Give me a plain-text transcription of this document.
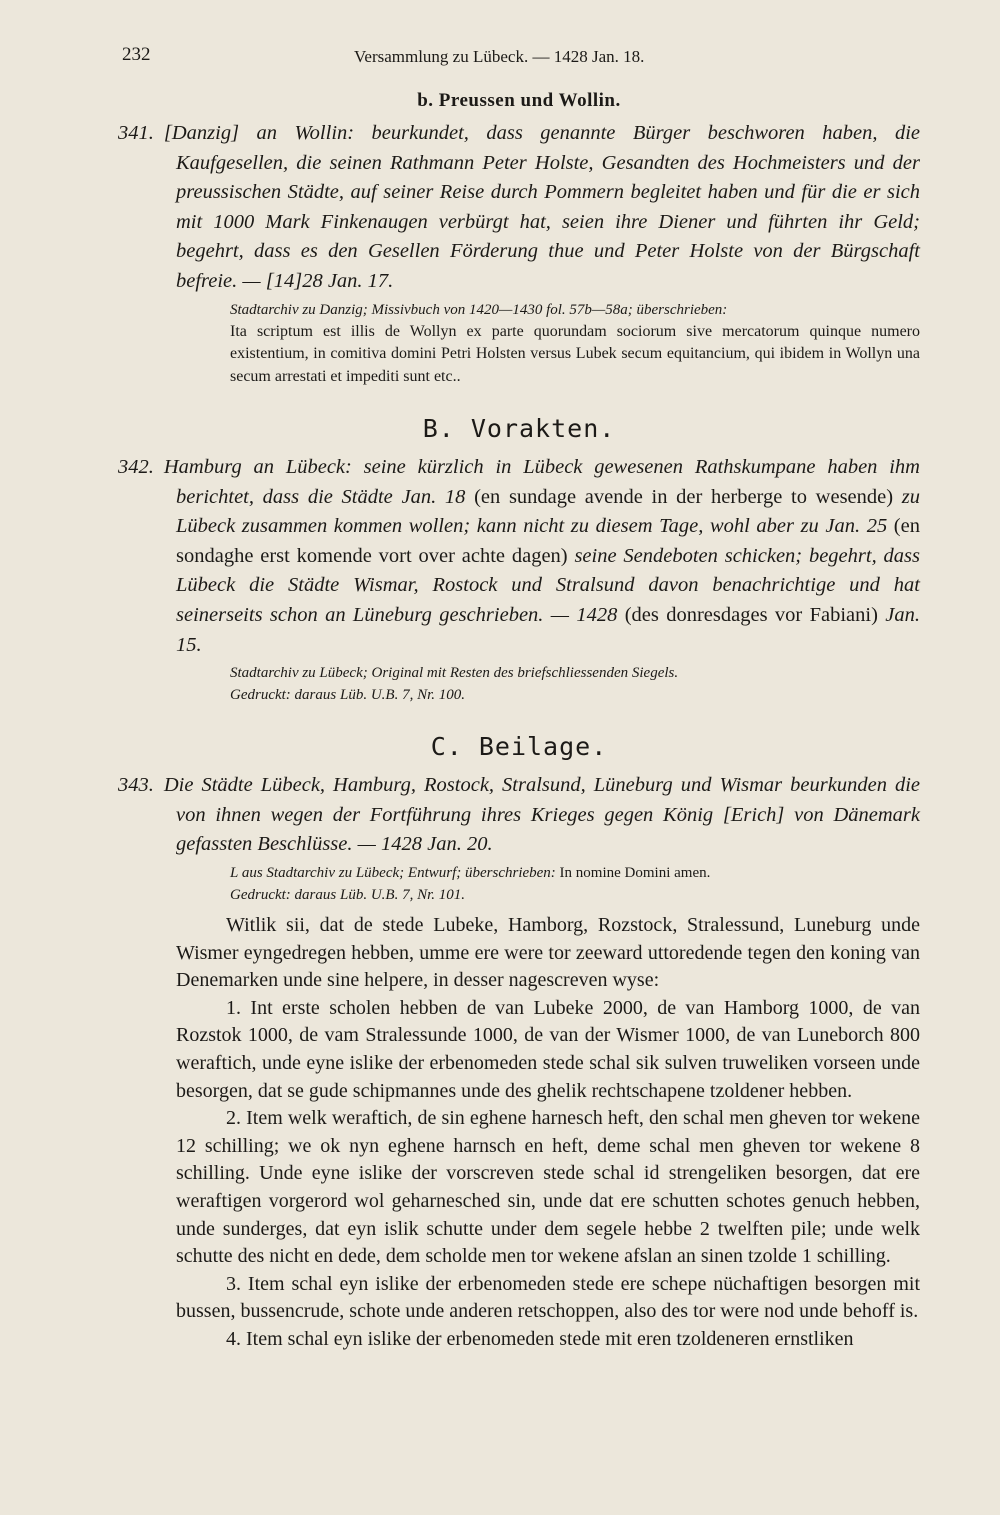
232	Versammlung zu Lübeck. — 1428 Jan. 18.
b. Preussen und Wollin.

341. [Danzig] an Wollin: beurkundet, dass genannte Bürger beschworen haben, die Kaufgesellen, die seinen Rathmann Peter Holste, Gesandten des Hochmeisters und der preussischen Städte, auf seiner Reise durch Pommern begleitet haben und für die er sich mit 1000 Mark Finkenaugen verbürgt hat, seien ihre Diener und führten ihr Geld; begehrt, dass es den Gesellen Förderung thue und Peter Holste von der Bürgschaft befreie. — [14]28 Jan. 17.

Stadtarchiv zu Danzig; Missivbuch von 1420—1430 fol. 57b—58a; überschrieben:

Ita scriptum est illis de Wollyn ex parte quorundam sociorum sive mercatorum quinque numero existentium, in comitiva domini Petri Holsten versus Lubek secum equitancium, qui ibidem in Wollyn una secum arrestati et impediti sunt etc..

B. Vorakten.

342. Hamburg an Lübeck: seine kürzlich in Lübeck gewesenen Rathskumpane haben ihm berichtet, dass die Städte Jan. 18 (en sundage avende in der herberge to wesende) zu Lübeck zusammen kommen wollen; kann nicht zu diesem Tage, wohl aber zu Jan. 25 (en sondaghe erst komende vort over achte dagen) seine Sendeboten schicken; begehrt, dass Lübeck die Städte Wismar, Rostock und Stralsund davon benachrichtige und hat seinerseits schon an Lüneburg geschrieben. — 1428 (des donresdages vor Fabiani) Jan. 15.

Stadtarchiv zu Lübeck; Original mit Resten des briefschliessenden Siegels.

Gedruckt: daraus Lüb. U.B. 7, Nr. 100.

C. Beilage.

343. Die Städte Lübeck, Hamburg, Rostock, Stralsund, Lüneburg und Wismar beurkunden die von ihnen wegen der Fortführung ihres Krieges gegen König [Erich] von Dänemark gefassten Beschlüsse. — 1428 Jan. 20.

L aus Stadtarchiv zu Lübeck; Entwurf; überschrieben: In nomine Domini amen.

Gedruckt: daraus Lüb. U.B. 7, Nr. 101.

Witlik sii, dat de stede Lubeke, Hamborg, Rozstock, Stralessund, Luneburg unde Wismer eyngedregen hebben, umme ere were tor zeeward uttoredende tegen den koning van Denemarken unde sine helpere, in desser nagescreven wyse:

1. Int erste scholen hebben de van Lubeke 2000, de van Hamborg 1000, de van Rozstok 1000, de vam Stralessunde 1000, de van der Wismer 1000, de van Luneborch 800 weraftich, unde eyne islike der erbenomeden stede schal sik sulven truweliken vorseen unde besorgen, dat se gude schipmannes unde des ghelik rechtschapene tzoldener hebben.

2. Item welk weraftich, de sin eghene harnesch heft, den schal men gheven tor wekene 12 schilling; we ok nyn eghene harnsch en heft, deme schal men gheven tor wekene 8 schilling. Unde eyne islike der vorscreven stede schal id strengeliken besorgen, dat ere weraftigen vorgerord wol geharnesched sin, unde dat ere schutten schotes genuch hebben, unde sunderges, dat eyn islik schutte under dem segele hebbe 2 twelften pile; unde welk schutte des nicht en dede, dem scholde men tor wekene afslan an sinen tzolde 1 schilling.

3. Item schal eyn islike der erbenomeden stede ere schepe nüchaftigen besorgen mit bussen, bussencrude, schote unde anderen retschoppen, also des tor were nod unde behoff is.

4. Item schal eyn islike der erbenomeden stede mit eren tzoldeneren ernstliken
